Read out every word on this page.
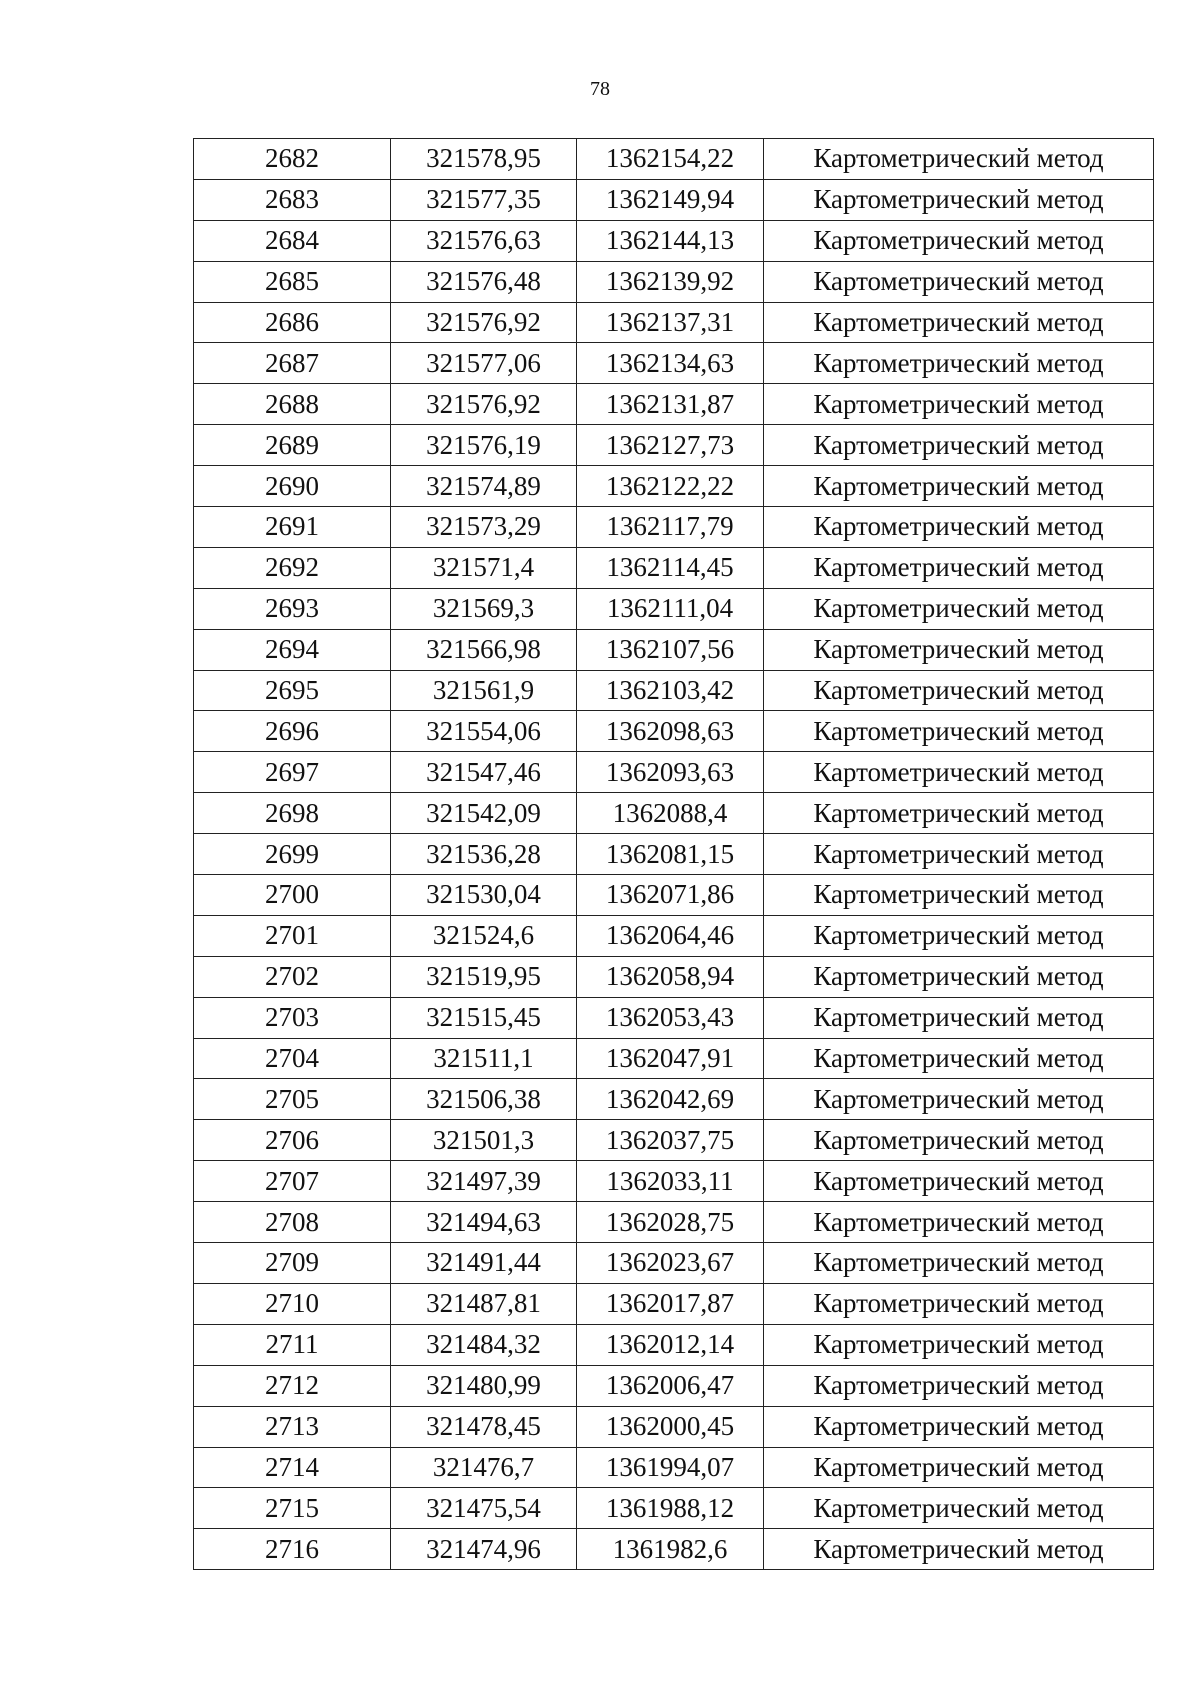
78
2682	321578,95	1362154,22	Картометрический метод
2683	321577,35	1362149,94	Картометрический метод
2684	321576,63	1362144,13	Картометрический метод
2685	321576,48	1362139,92	Картометрический метод
2686	321576,92	1362137,31	Картометрический метод
2687	321577,06	1362134,63	Картометрический метод
2688	321576,92	1362131,87	Картометрический метод
2689	321576,19	1362127,73	Картометрический метод
2690	321574,89	1362122,22	Картометрический метод
2691	321573,29	1362117,79	Картометрический метод
2692	321571,4	1362114,45	Картометрический метод
2693	321569,3	1362111,04	Картометрический метод
2694	321566,98	1362107,56	Картометрический метод
2695	321561,9	1362103,42	Картометрический метод
2696	321554,06	1362098,63	Картометрический метод
2697	321547,46	1362093,63	Картометрический метод
2698	321542,09	1362088,4	Картометрический метод
2699	321536,28	1362081,15	Картометрический метод
2700	321530,04	1362071,86	Картометрический метод
2701	321524,6	1362064,46	Картометрический метод
2702	321519,95	1362058,94	Картометрический метод
2703	321515,45	1362053,43	Картометрический метод
2704	321511,1	1362047,91	Картометрический метод
2705	321506,38	1362042,69	Картометрический метод
2706	321501,3	1362037,75	Картометрический метод
2707	321497,39	1362033,11	Картометрический метод
2708	321494,63	1362028,75	Картометрический метод
2709	321491,44	1362023,67	Картометрический метод
2710	321487,81	1362017,87	Картометрический метод
2711	321484,32	1362012,14	Картометрический метод
2712	321480,99	1362006,47	Картометрический метод
2713	321478,45	1362000,45	Картометрический метод
2714	321476,7	1361994,07	Картометрический метод
2715	321475,54	1361988,12	Картометрический метод
2716	321474,96	1361982,6	Картометрический метод
